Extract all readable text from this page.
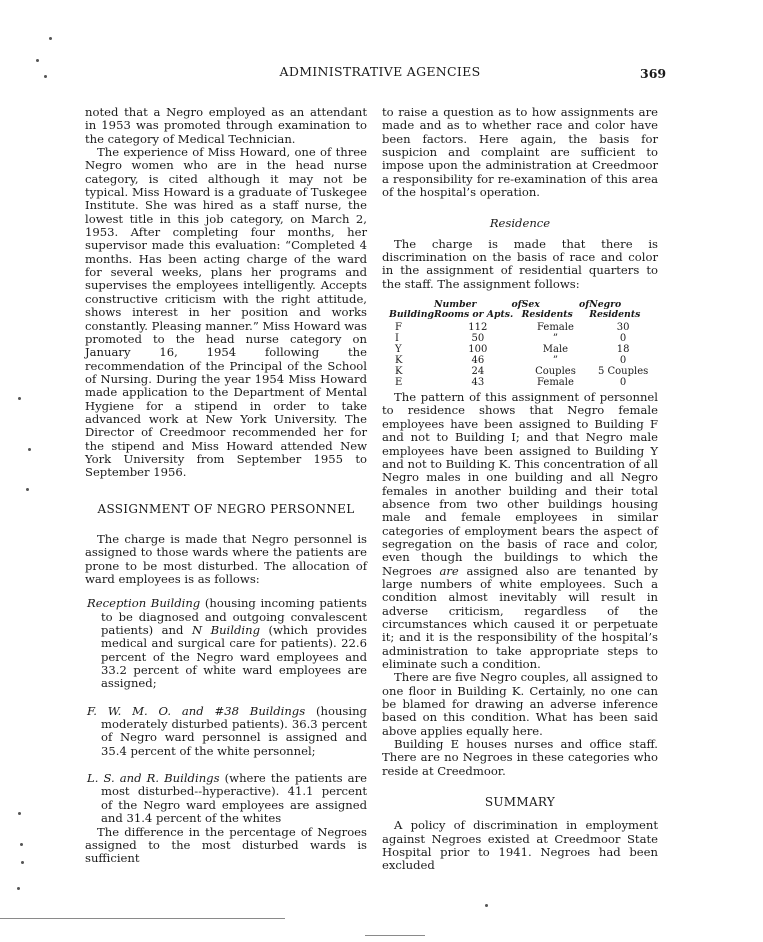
ADMINISTRATIVE AGENCIES	369

noted that a Negro employed as an attendant in 1953 was promoted through examination to the category of Medical Technician.

The experience of Miss Howard, one of three Negro women who are in the head nurse category, is cited although it may not be typical. Miss Howard is a graduate of Tuskegee Institute. She was hired as a staff nurse, the lowest title in this job category, on March 2, 1953. After completing four months, her supervisor made this evaluation: “Completed 4 months. Has been acting charge of the ward for several weeks, plans her programs and supervises the employees intelligently. Accepts constructive criticism with the right attitude, shows interest in her position and works constantly. Pleasing manner.” Miss Howard was promoted to the head nurse category on January 16, 1954 following the recommendation of the Principal of the School of Nursing. During the year 1954 Miss Howard made application to the Department of Mental Hygiene for a stipend in order to take advanced work at New York University. The Director of Creedmoor recommended her for the stipend and Miss Howard attended New York University from September 1955 to September 1956.

ASSIGNMENT OF NEGRO PERSONNEL

The charge is made that Negro personnel is assigned to those wards where the patients are prone to be most disturbed. The allocation of ward employees is as follows:

Reception Building (housing incoming patients to be diagnosed and outgoing convalescent patients) and N Building (which provides medical and surgical care for patients). 22.6 percent of the Negro ward employees and 33.2 percent of white ward employees are assigned;

F. W. M. O. and #38 Buildings (housing moderately disturbed patients). 36.3 percent of Negro ward personnel is assigned and 35.4 percent of the white personnel;

L. S. and R. Buildings (where the patients are most disturbed--hyperactive). 41.1 percent of the Negro ward employees are assigned and 31.4 percent of the whites

The difference in the percentage of Negroes assigned to the most disturbed wards is sufficient

to raise a question as to how assignments are made and as to whether race and color have been factors. Here again, the basis for suspicion and complaint are sufficient to impose upon the administration at Creedmoor a responsibility for re-examination of this area of the hospital’s operation.

Residence

The charge is made that there is discrimination on the basis of race and color in the assignment of residential quarters to the staff. The assignment follows:

Building	Number of Rooms or Apts.	Sex of Residents	Negro Residents
F	112	Female	30
I	50	”	0
Y	100	Male	18
K	46	”	0
K	24	Couples	5 Couples
E	43	Female	0

The pattern of this assignment of personnel to residence shows that Negro female employees have been assigned to Building F and not to Building I; and that Negro male employees have been assigned to Building Y and not to Building K. This concentration of all Negro males in one building and all Negro females in another building and their total absence from two other buildings housing male and female employees in similar categories of employment bears the aspect of segregation on the basis of race and color, even though the buildings to which the Negroes are assigned also are tenanted by large numbers of white employees. Such a condition almost inevitably will result in adverse criticism, regardless of the circumstances which caused it or perpetuate it; and it is the responsibility of the hospital’s administration to take appropriate steps to eliminate such a condition.

There are five Negro couples, all assigned to one floor in Building K. Certainly, no one can be blamed for drawing an adverse inference based on this condition. What has been said above applies equally here.

Building E houses nurses and office staff. There are no Negroes in these categories who reside at Creedmoor.

SUMMARY

A policy of discrimination in employment against Negroes existed at Creedmoor State Hospital prior to 1941. Negroes had been excluded
